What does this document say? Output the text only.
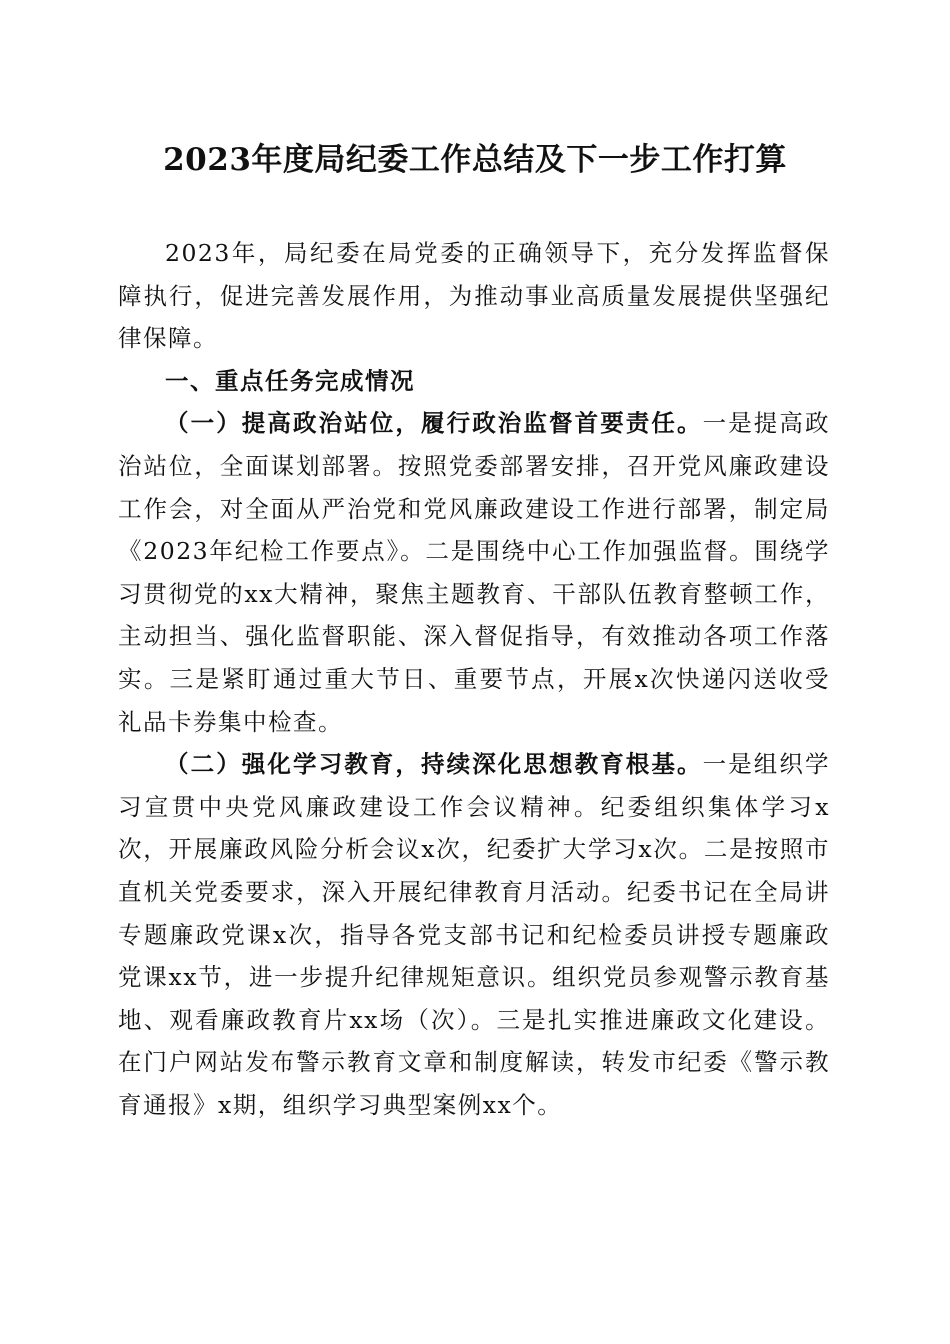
2023年度局纪委工作总结及下一步工作打算

2023年，局纪委在局党委的正确领导下，充分发挥监督保障执行，促进完善发展作用，为推动事业高质量发展提供坚强纪律保障。

一、重点任务完成情况

（一）提高政治站位，履行政治监督首要责任。一是提高政治站位，全面谋划部署。按照党委部署安排，召开党风廉政建设工作会，对全面从严治党和党风廉政建设工作进行部署，制定局《2023年纪检工作要点》。二是围绕中心工作加强监督。围绕学习贯彻党的xx大精神，聚焦主题教育、干部队伍教育整顿工作，主动担当、强化监督职能、深入督促指导，有效推动各项工作落实。三是紧盯通过重大节日、重要节点，开展x次快递闪送收受礼品卡券集中检查。

（二）强化学习教育，持续深化思想教育根基。一是组织学习宣贯中央党风廉政建设工作会议精神。纪委组织集体学习x次，开展廉政风险分析会议x次，纪委扩大学习x次。二是按照市直机关党委要求，深入开展纪律教育月活动。纪委书记在全局讲专题廉政党课x次，指导各党支部书记和纪检委员讲授专题廉政党课xx节，进一步提升纪律规矩意识。组织党员参观警示教育基地、观看廉政教育片xx场（次）。三是扎实推进廉政文化建设。在门户网站发布警示教育文章和制度解读，转发市纪委《警示教育通报》x期，组织学习典型案例xx个。
